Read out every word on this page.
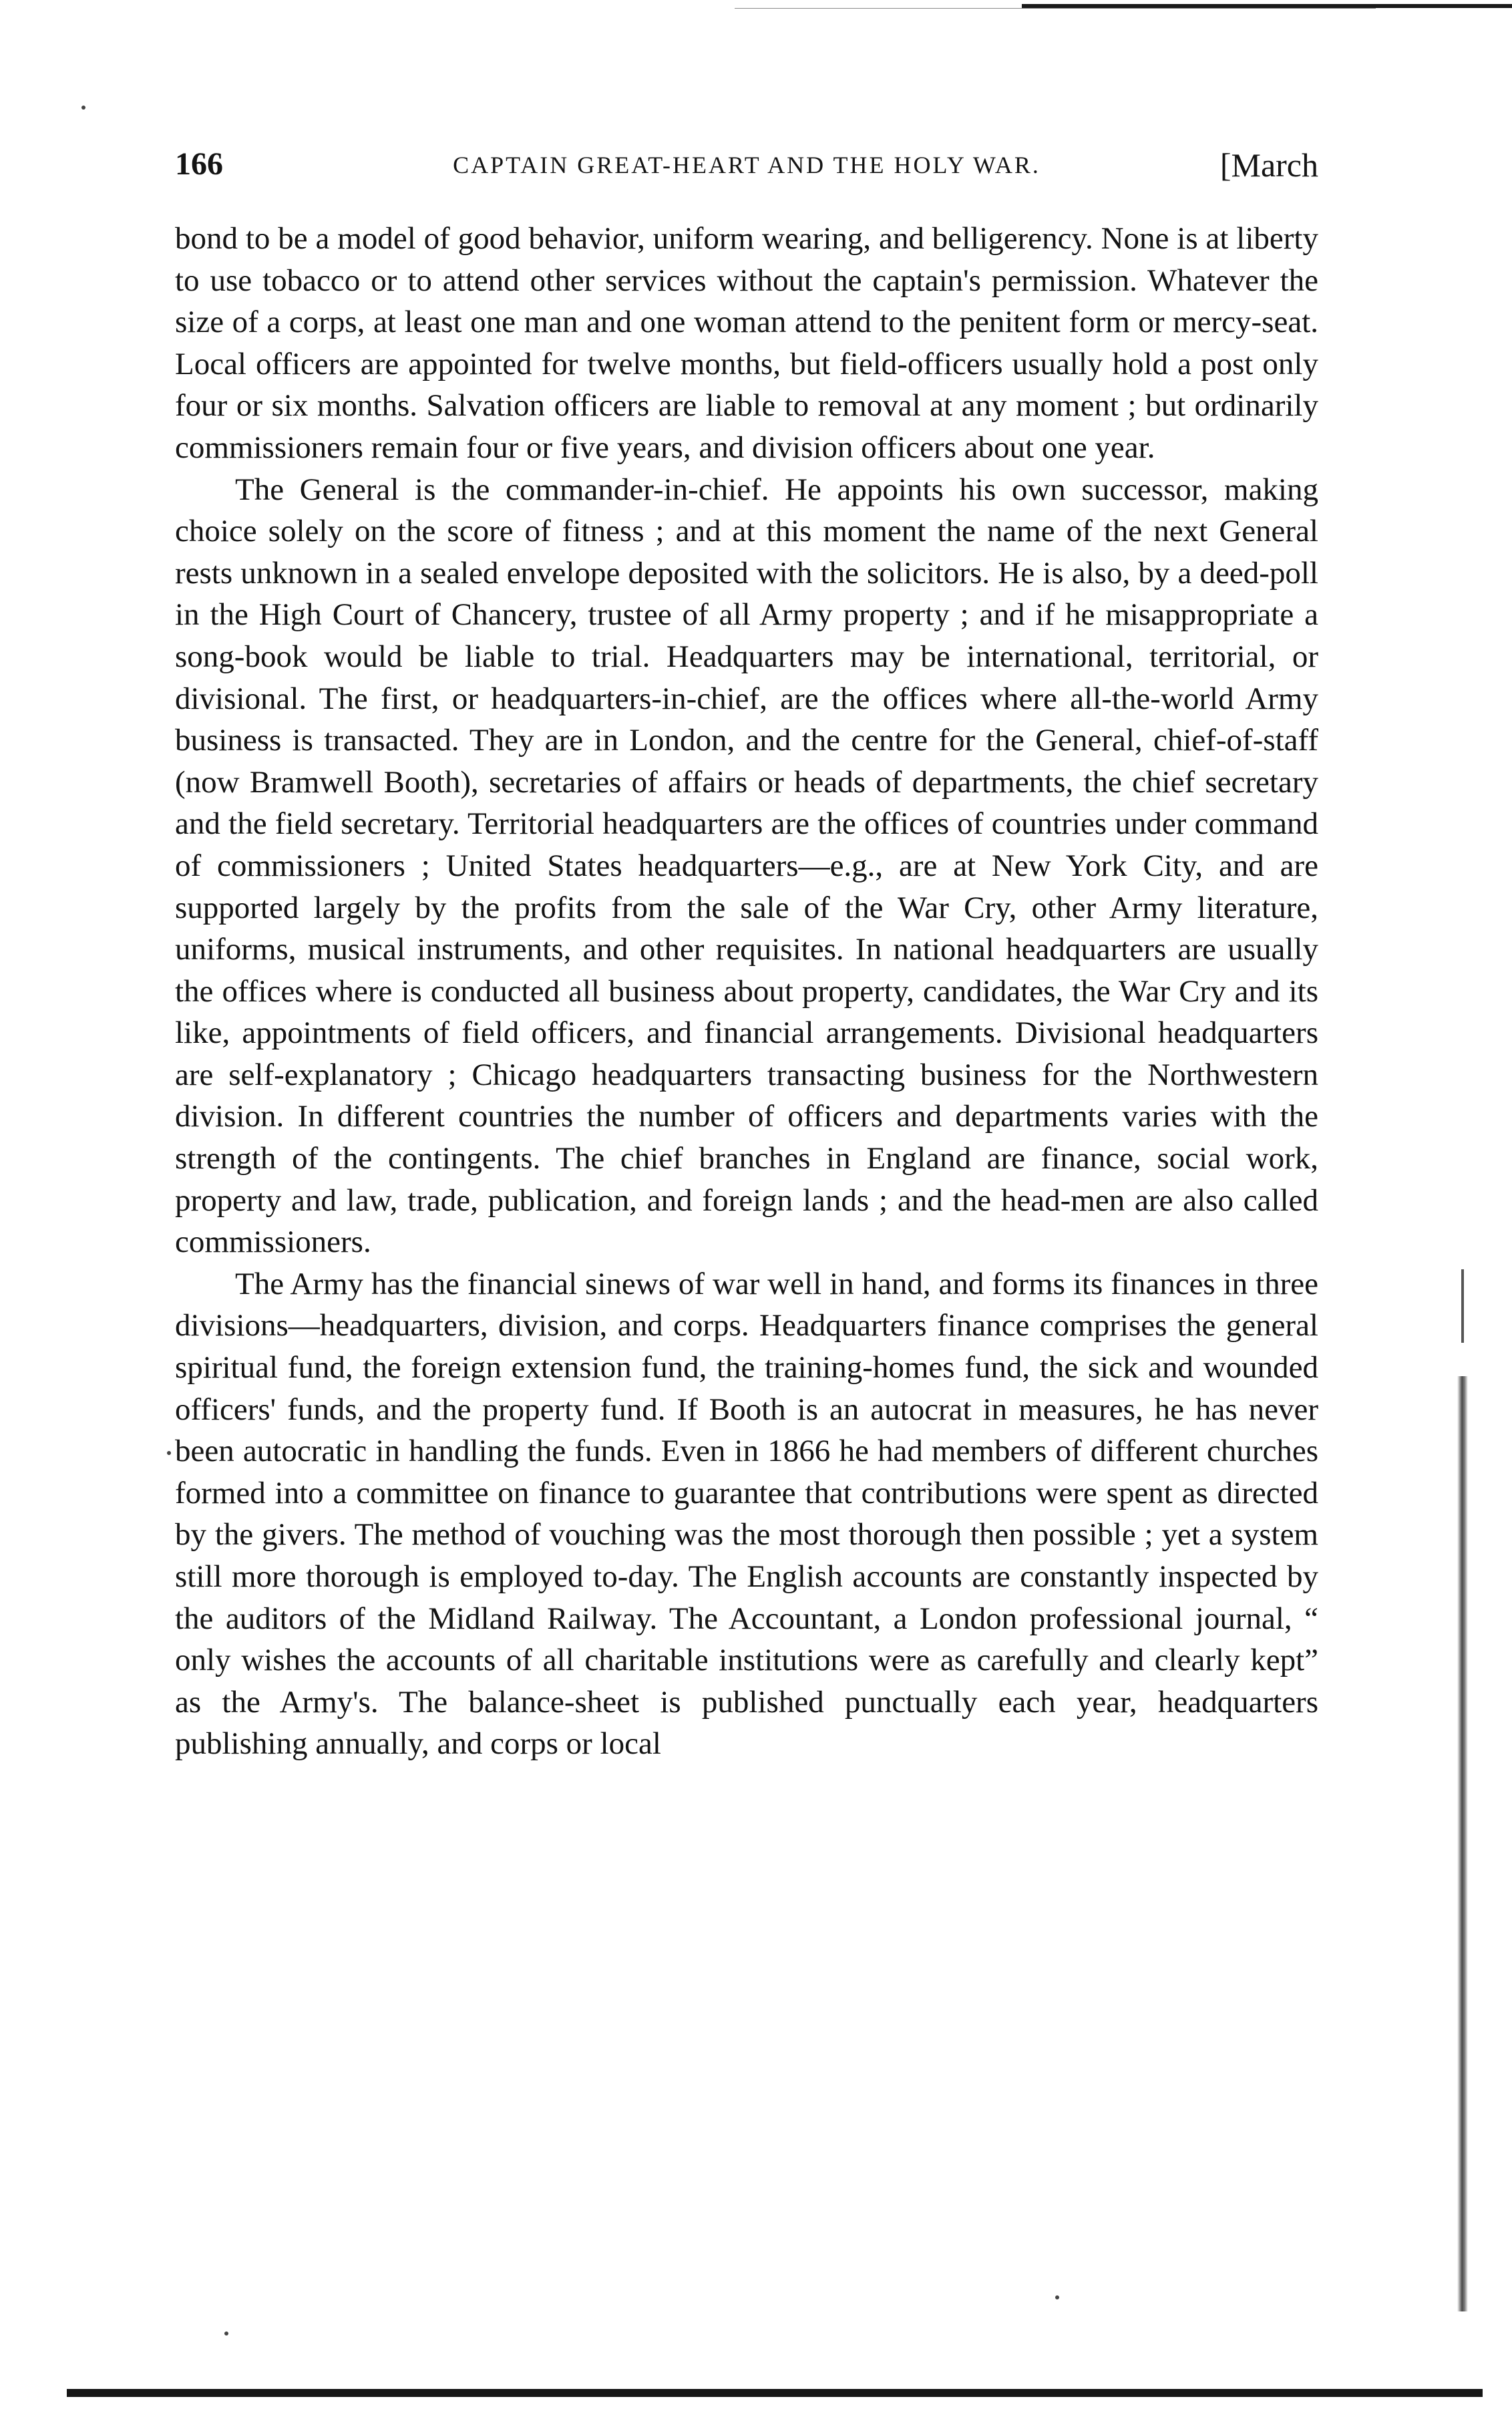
166	CAPTAIN GREAT-HEART AND THE HOLY WAR.	[March

bond to be a model of good behavior, uniform wearing, and belligerency. None is at liberty to use tobacco or to attend other services without the captain's permission. Whatever the size of a corps, at least one man and one woman attend to the penitent form or mercy-seat. Local officers are appointed for twelve months, but field-officers usually hold a post only four or six months. Salvation officers are liable to removal at any moment ; but ordinarily commissioners remain four or five years, and division officers about one year.

The General is the commander-in-chief. He appoints his own successor, making choice solely on the score of fitness ; and at this moment the name of the next General rests unknown in a sealed envelope deposited with the solicitors. He is also, by a deed-poll in the High Court of Chancery, trustee of all Army property ; and if he misappropriate a song-book would be liable to trial. Headquarters may be international, territorial, or divisional. The first, or headquarters-in-chief, are the offices where all-the-world Army business is transacted. They are in London, and the centre for the General, chief-of-staff (now Bramwell Booth), secretaries of affairs or heads of departments, the chief secretary and the field secretary. Territorial headquarters are the offices of countries under command of commissioners ; United States headquarters—e.g., are at New York City, and are supported largely by the profits from the sale of the War Cry, other Army literature, uniforms, musical instruments, and other requisites. In national headquarters are usually the offices where is conducted all business about property, candidates, the War Cry and its like, appointments of field officers, and financial arrangements. Divisional headquarters are self-explanatory ; Chicago headquarters transacting business for the Northwestern division. In different countries the number of officers and departments varies with the strength of the contingents. The chief branches in England are finance, social work, property and law, trade, publication, and foreign lands ; and the head-men are also called commissioners.

The Army has the financial sinews of war well in hand, and forms its finances in three divisions—headquarters, division, and corps. Headquarters finance comprises the general spiritual fund, the foreign extension fund, the training-homes fund, the sick and wounded officers' funds, and the property fund. If Booth is an autocrat in measures, he has never been autocratic in handling the funds. Even in 1866 he had members of different churches formed into a committee on finance to guarantee that contributions were spent as directed by the givers. The method of vouching was the most thorough then possible ; yet a system still more thorough is employed to-day. The English accounts are constantly inspected by the auditors of the Midland Railway. The Accountant, a London professional journal, “ only wishes the accounts of all charitable institutions were as carefully and clearly kept” as the Army's. The balance-sheet is published punctually each year, headquarters publishing annually, and corps or local
